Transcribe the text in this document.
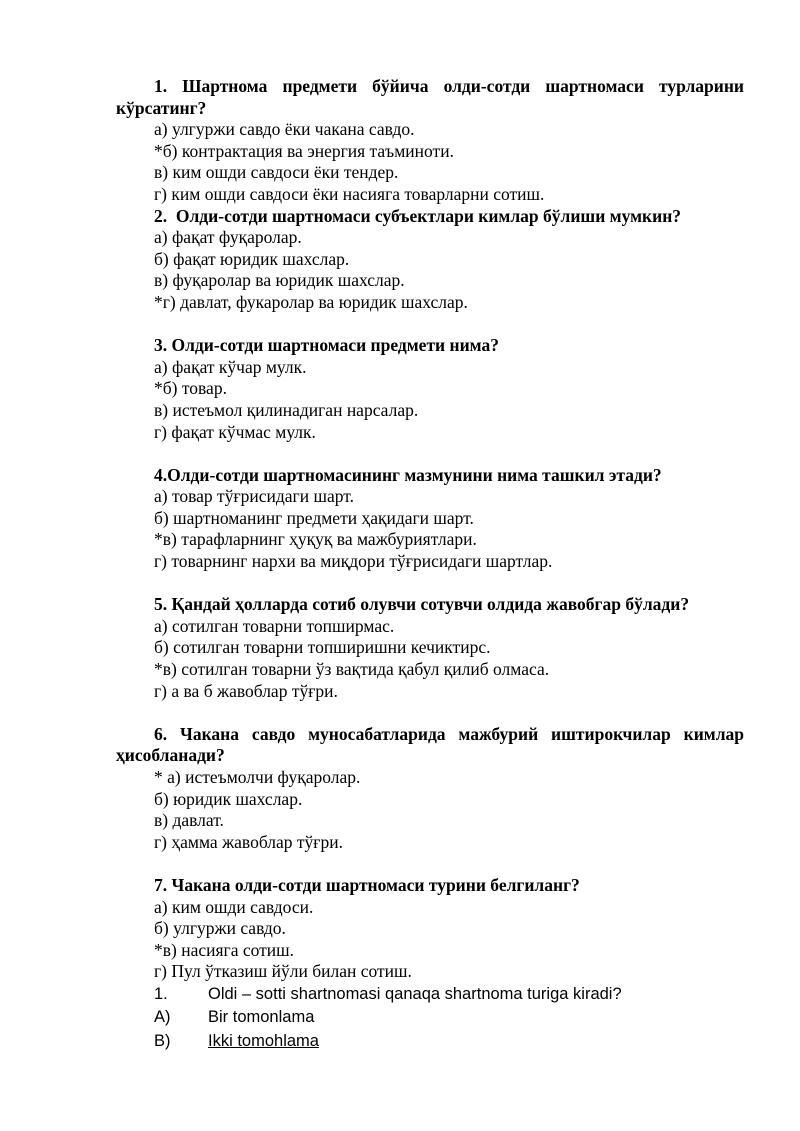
1. Шартнома предмети бўйича олди-сотди шартномаси турларини кўрсатинг?
а) улгуржи савдо ёки чакана савдо.
*б) контрактация ва энергия таъминоти.
в) ким ошди савдоси ёки тендер.
г) ким ошди савдоси ёки насияга товарларни сотиш.
2.  Олди-сотди шартномаси субъектлари кимлар бўлиши мумкин?
а) фақат фуқаролар.
б) фақат юридик шахслар.
в) фуқаролар ва юридик шахслар.
*г) давлат, фукаролар ва юридик шахслар.
3. Олди-сотди шартномаси предмети нима?
а) фақат кўчар мулк.
*б) товар.
в) истеъмол қилинадиган нарсалар.
г) фақат кўчмас мулк.
4.Олди-сотди шартномасининг мазмунини нима ташкил этади?
а) товар тўғрисидаги шарт.
б) шартноманинг предмети ҳақидаги шарт.
*в) тарафларнинг ҳуқуқ ва мажбуриятлари.
г) товарнинг нархи ва миқдори тўғрисидаги шартлар.
5. Қандай ҳолларда сотиб олувчи сотувчи олдида жавобгар бўлади?
а) сотилган товарни топширмас.
б) сотилган товарни топширишни кечиктирс.
*в) сотилган товарни ўз вақтида қабул қилиб олмаса.
г) а ва б жавоблар тўғри.
6. Чакана савдо муносабатларида мажбурий иштирокчилар кимлар ҳисобланади?
* а) истеъмолчи фуқаролар.
б) юридик шахслар.
в) давлат.
г) ҳамма жавоблар тўғри.
7. Чакана олди-сотди шартномаси турини белгиланг?
а) ким ошди савдоси.
б) улгуржи савдо.
*в) насияга сотиш.
г) Пул ўтказиш йўли билан сотиш.
1. Oldi – sotti shartnomasi qanaqa shartnoma turiga kiradi?
A) Bir tomonlama
B) Ikki tomohlama
